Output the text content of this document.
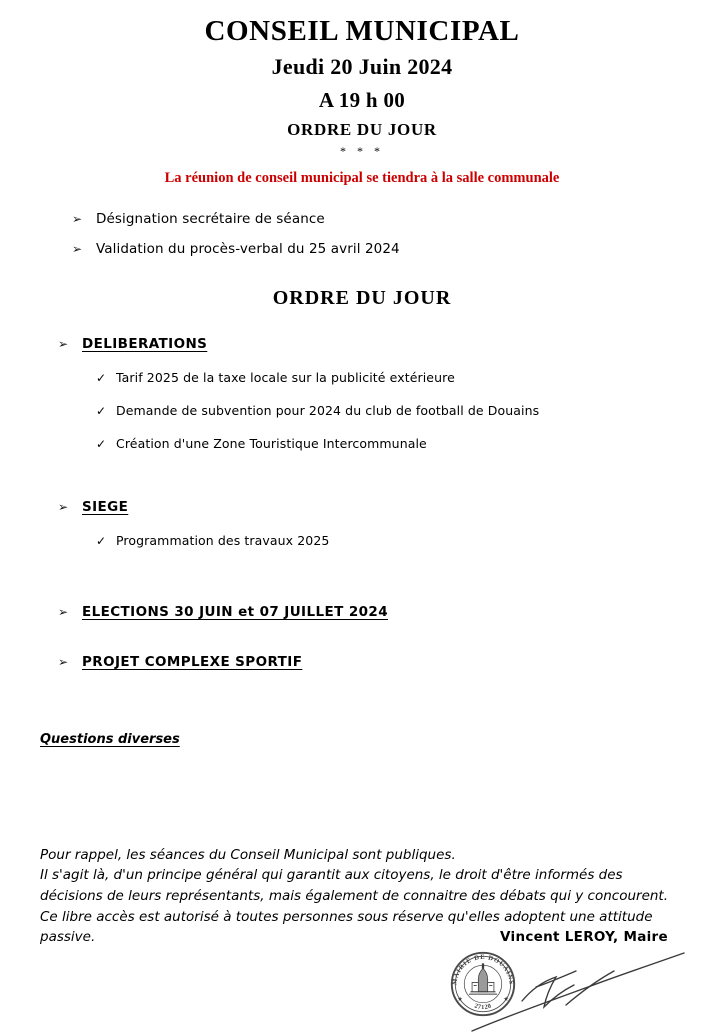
CONSEIL MUNICIPAL
Jeudi 20 Juin 2024
A 19 h 00
ORDRE DU JOUR
* * *
La réunion de conseil municipal se tiendra à la salle communale
➢	Désignation secrétaire de séance
➢	Validation du procès-verbal du 25 avril 2024
ORDRE DU JOUR
➢	DELIBERATIONS
✓ Tarif 2025 de la taxe locale sur la publicité extérieure
✓ Demande de subvention pour 2024 du club de football de Douains
✓ Création d'une Zone Touristique Intercommunale
➢	SIEGE
✓ Programmation des travaux 2025
➢	ELECTIONS 30 JUIN et 07 JUILLET 2024
➢	PROJET COMPLEXE SPORTIF
Questions diverses
Pour rappel, les séances du Conseil Municipal sont publiques.
Il s'agit là, d'un principe général qui garantit aux citoyens, le droit d'être informés des décisions de leurs représentants, mais également de connaitre des débats qui y concourent.
Ce libre accès est autorisé à toutes personnes sous réserve qu'elles adoptent une attitude passive.	Vincent LEROY, Maire
MAIRIE DE DOUAINS
27120
★	★
